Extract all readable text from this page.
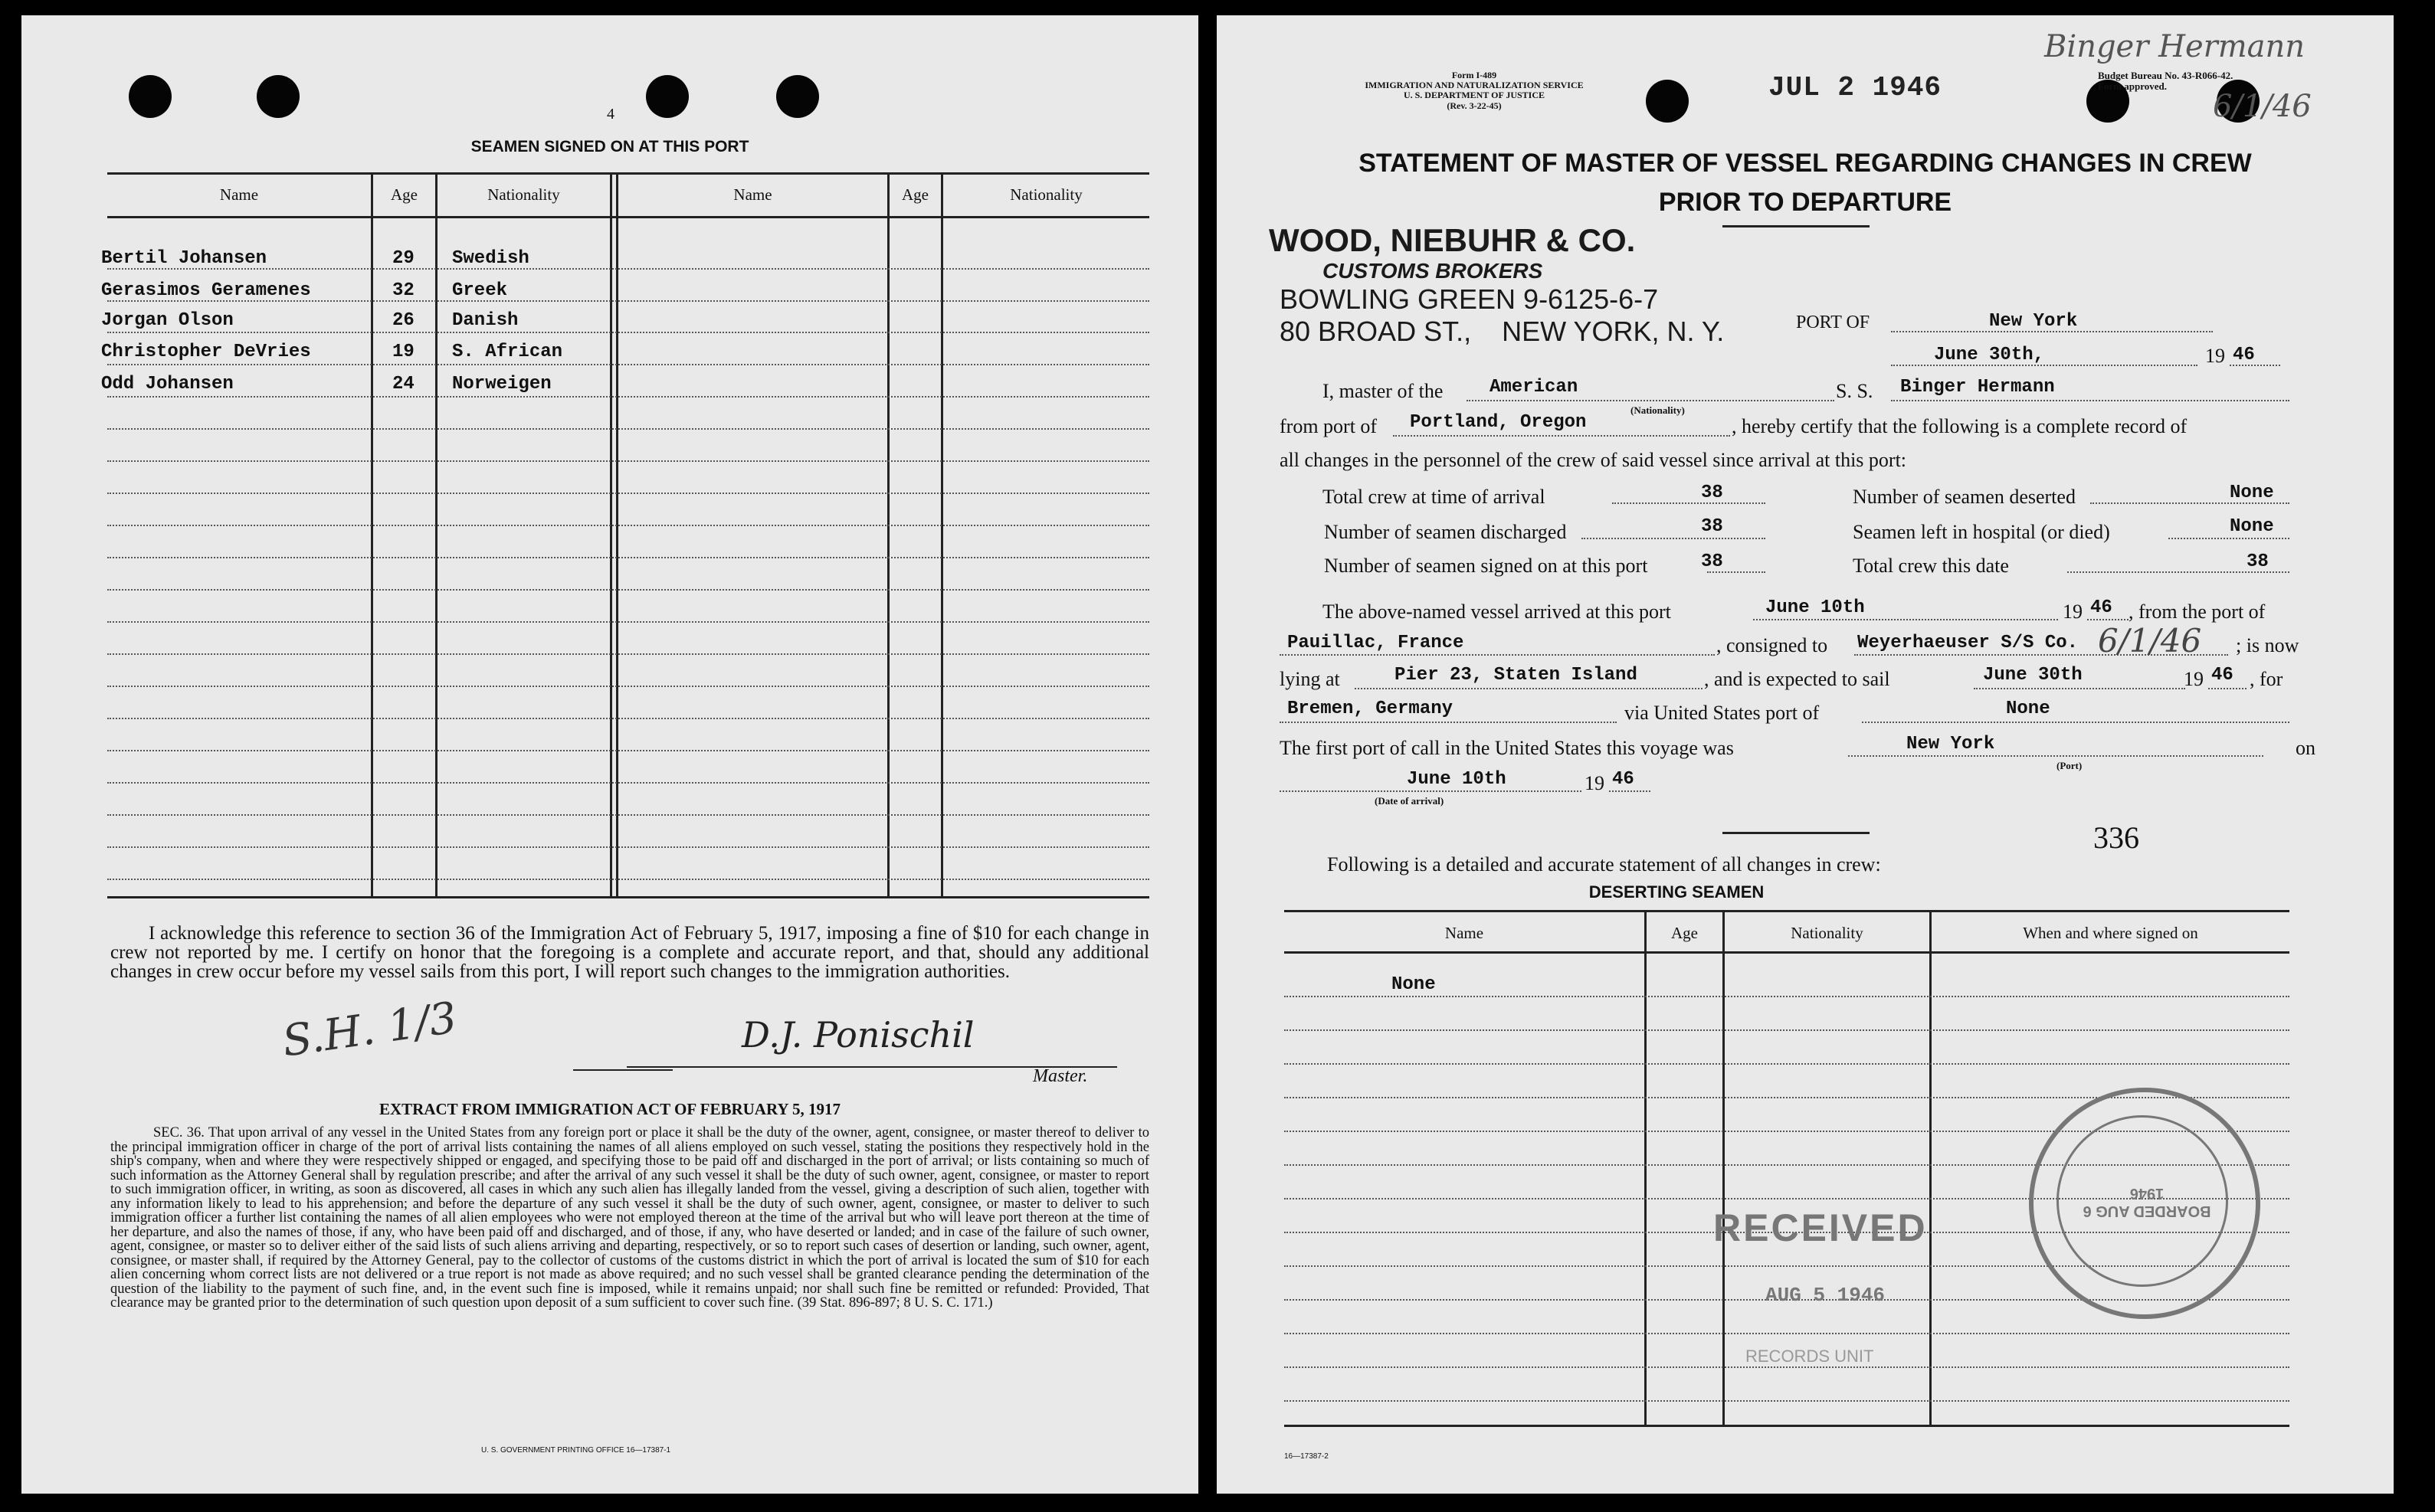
4
SEAMEN SIGNED ON AT THIS PORT
Name	Age	Nationality	Name	Age	Nationality
Bertil Johansen	29 Swedish
Gerasimos Geramenes	32 Greek
Jorgan Olson	26 Danish
Christopher DeVries	19 S. African
Odd Johansen	24 Norweigen
I acknowledge this reference to section 36 of the Immigration Act of February 5, 1917, imposing a fine of $10 for each change in crew not reported by me. I certify on honor that the foregoing is a complete and accurate report, and that, should any additional changes in crew occur before my vessel sails from this port, I will report such changes to the immigration authorities.
S.H. 1/3	D.J. Ponischil
Master.
EXTRACT FROM IMMIGRATION ACT OF FEBRUARY 5, 1917
SEC. 36. That upon arrival of any vessel in the United States from any foreign port or place it shall be the duty of the owner, agent, consignee, or master thereof to deliver to the principal immigration officer in charge of the port of arrival lists containing the names of all aliens employed on such vessel, stating the positions they respectively hold in the ship's company, when and where they were respectively shipped or engaged, and specifying those to be paid off and discharged in the port of arrival; or lists containing so much of such information as the Attorney General shall by regulation prescribe; and after the arrival of any such vessel it shall be the duty of such owner, agent, consignee, or master to report to such immigration officer, in writing, as soon as discovered, all cases in which any such alien has illegally landed from the vessel, giving a description of such alien, together with any information likely to lead to his apprehension; and before the departure of any such vessel it shall be the duty of such owner, agent, consignee, or master to deliver to such immigration officer a further list containing the names of all alien employees who were not employed thereon at the time of the arrival but who will leave port thereon at the time of her departure, and also the names of those, if any, who have been paid off and discharged, and of those, if any, who have deserted or landed; and in case of the failure of such owner, agent, consignee, or master so to deliver either of the said lists of such aliens arriving and departing, respectively, or so to report such cases of desertion or landing, such owner, agent, consignee, or master shall, if required by the Attorney General, pay to the collector of customs of the customs district in which the port of arrival is located the sum of $10 for each alien concerning whom correct lists are not delivered or a true report is not made as above required; and no such vessel shall be granted clearance pending the determination of the question of the liability to the payment of such fine, and, in the event such fine is imposed, while it remains unpaid; nor shall such fine be remitted or refunded: Provided, That clearance may be granted prior to the determination of such question upon deposit of a sum sufficient to cover such fine. (39 Stat. 896-897; 8 U. S. C. 171.)
U. S. GOVERNMENT PRINTING OFFICE 16—17387-1
Form I-489
IMMIGRATION AND NATURALIZATION SERVICE
U. S. DEPARTMENT OF JUSTICE
(Rev. 3-22-45)
JUL 2 1946
Binger Hermann
6/1/46
Budget Bureau No. 43-R066-42.
Form approved.
STATEMENT OF MASTER OF VESSEL REGARDING CHANGES IN CREW
PRIOR TO DEPARTURE
WOOD, NIEBUHR & CO.
CUSTOMS BROKERS
BOWLING GREEN 9-6125-6-7
80 BROAD ST., NEW YORK, N. Y.	PORT OF	New York
June 30th,	19 46
I, master of the	American
(Nationality)
S. S. Binger Hermann
from port of Portland, Oregon	, hereby certify that the following is a complete record of
all changes in the personnel of the crew of said vessel since arrival at this port:
Total crew at time of arrival	38
Number of seamen discharged	38
Number of seamen signed on at this port	38
Number of seamen deserted	None
Seamen left in hospital (or died)	None
Total crew this date	38
The above-named vessel arrived at this port	June 10th	19 46 , from the port of
Pauillac, France	, consigned to Weyerhaeuser S/S Co. 6/1/46 ; is now
lying at	Pier 23, Staten Island	, and is expected to sail	June 30th	19 46 , for
Bremen, Germany	via United States port of	None
The first port of call in the United States this voyage was	New York
(Port)
on
June 10th	19 46
(Date of arrival)
336
Following is a detailed and accurate statement of all changes in crew:
DESERTING SEAMEN
Name	Age	Nationality	When and where signed on
None
RECEIVED
AUG 5 1946
RECORDS UNIT
BOARDED AUG 6 1946
16—17387-2
